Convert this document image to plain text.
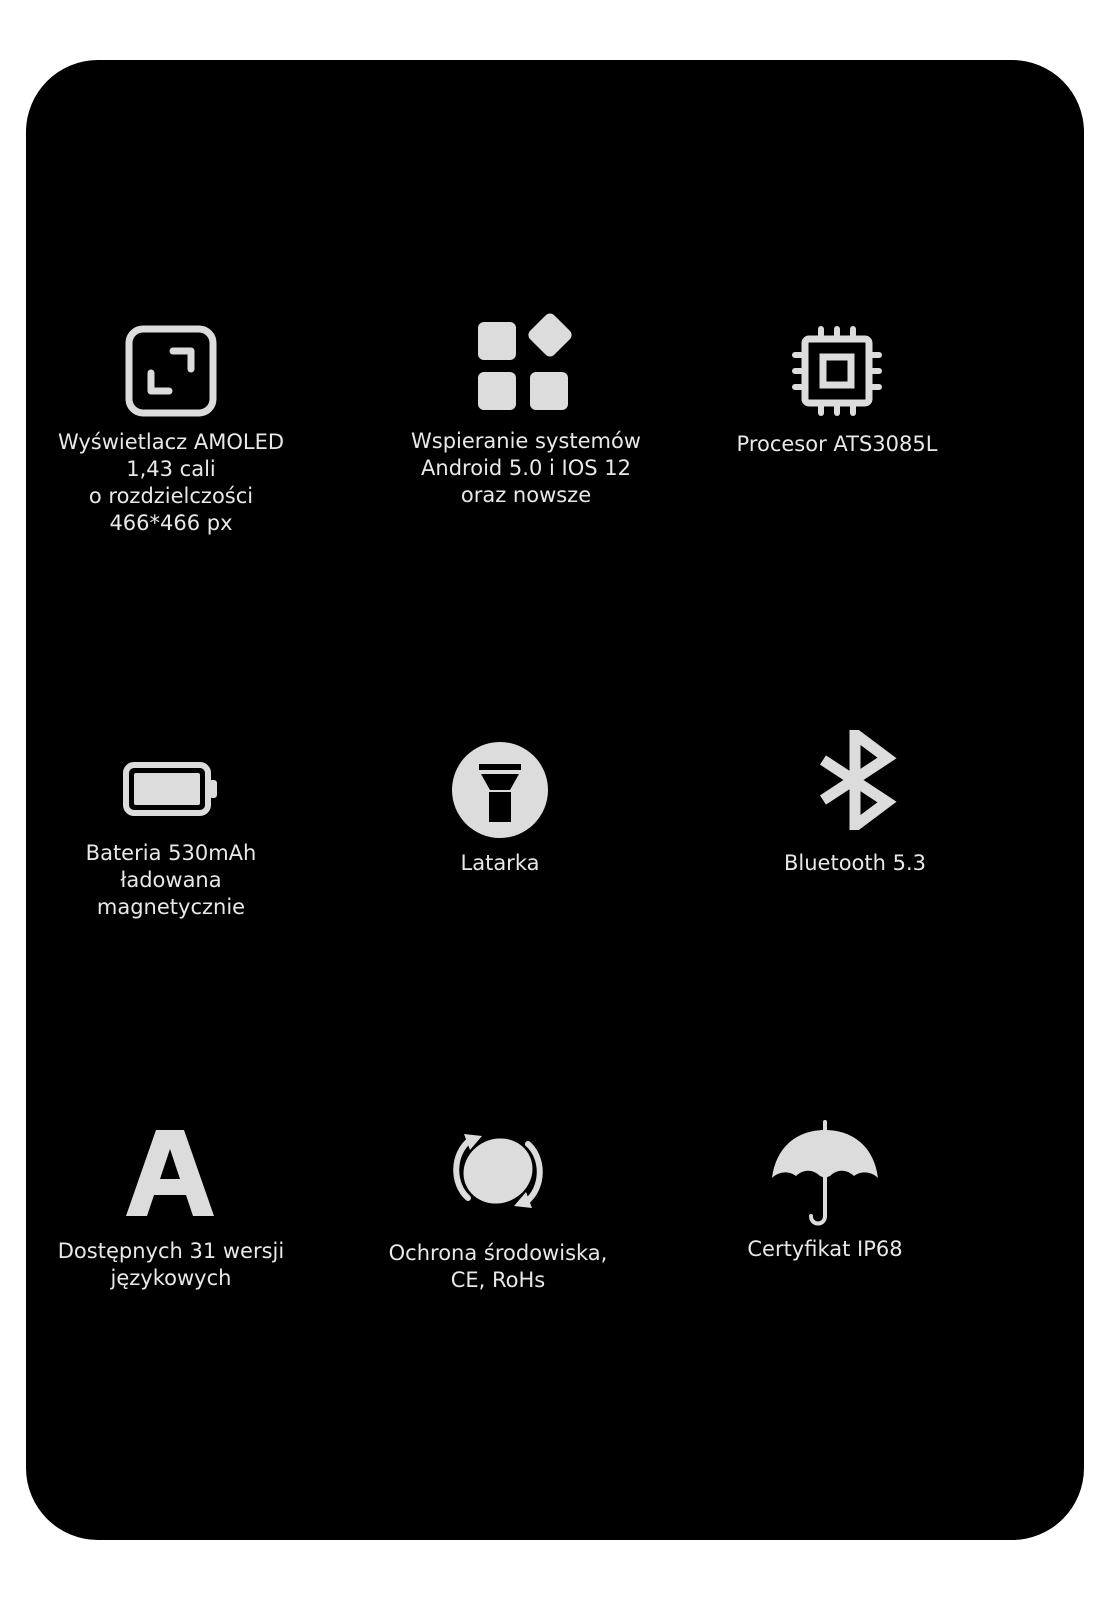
Wyświetlacz AMOLED
1,43 cali
o rozdzielczości
466*466 px
Wspieranie systemów
Android 5.0 i IOS 12
oraz nowsze
Procesor ATS3085L
Bateria 530mAh
ładowana
magnetycznie
Latarka	Bluetooth 5.3
Dostępnych 31 wersji
językowych
Ochrona środowiska,
CE, RoHs
Certyfikat IP68
